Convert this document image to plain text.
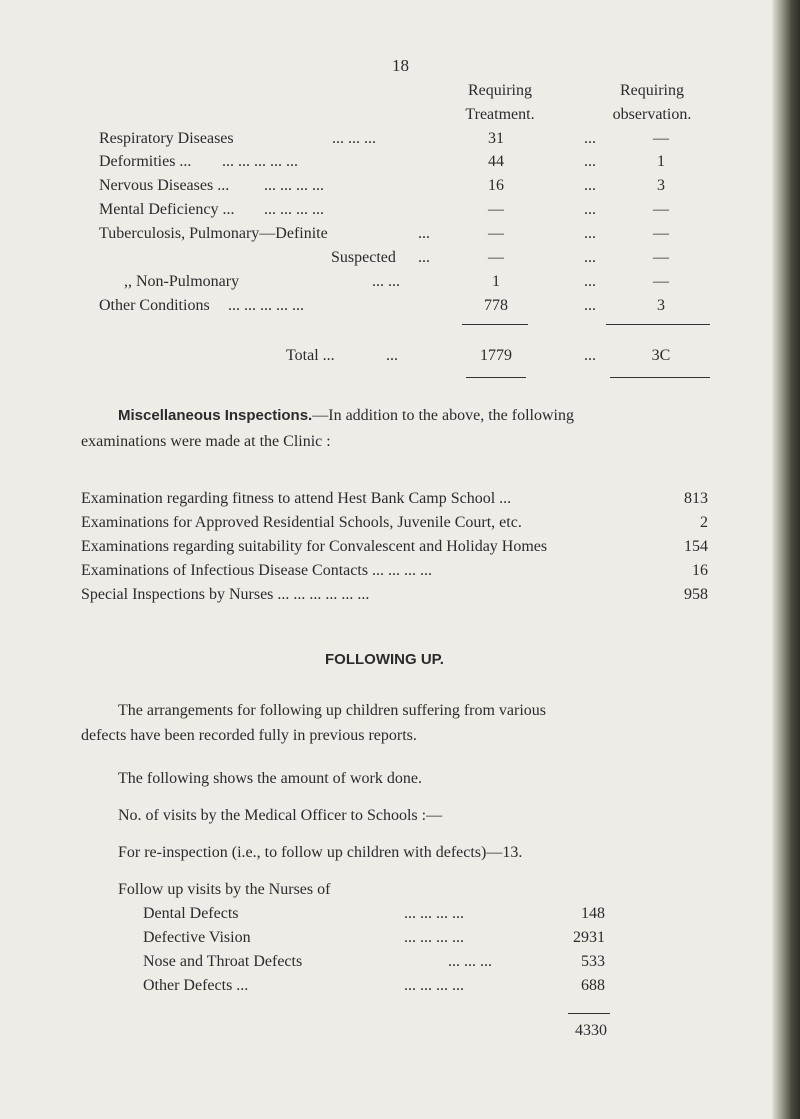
18
Requiring
Treatment.
Requiring
observation.
Respiratory Diseases	... ... ...	31	...	—
Deformities ... ... ... ... ... ...	44	...	1
Nervous Diseases ... ... ... ... ...	16	...	3
Mental Deficiency ... ... ... ... ...	—	...	—
Tuberculosis, Pulmonary—Definite	...	—	...	—
Suspected ...	—	...	—
,, Non-Pulmonary	... ...	1	...	—
Other Conditions ... ... ... ... ...	778	...	3
Total ...	...	1779	...	3C
Miscellaneous Inspections.—In addition to the above, the following
examinations were made at the Clinic :
Examination regarding fitness to attend Hest Bank Camp School ...	813
Examinations for Approved Residential Schools, Juvenile Court, etc.	2
Examinations regarding suitability for Convalescent and Holiday Homes	154
Examinations of Infectious Disease Contacts ... ... ... ...	16
Special Inspections by Nurses ... ... ... ... ... ...	958
FOLLOWING UP.
The arrangements for following up children suffering from various
defects have been recorded fully in previous reports.
The following shows the amount of work done.
No. of visits by the Medical Officer to Schools :—
For re-inspection (i.e., to follow up children with defects)—13.
Follow up visits by the Nurses of
Dental Defects	... ... ... ...	148
Defective Vision	... ... ... ...	2931
Nose and Throat Defects	... ... ...	533
Other Defects ...	... ... ... ...	688
4330
